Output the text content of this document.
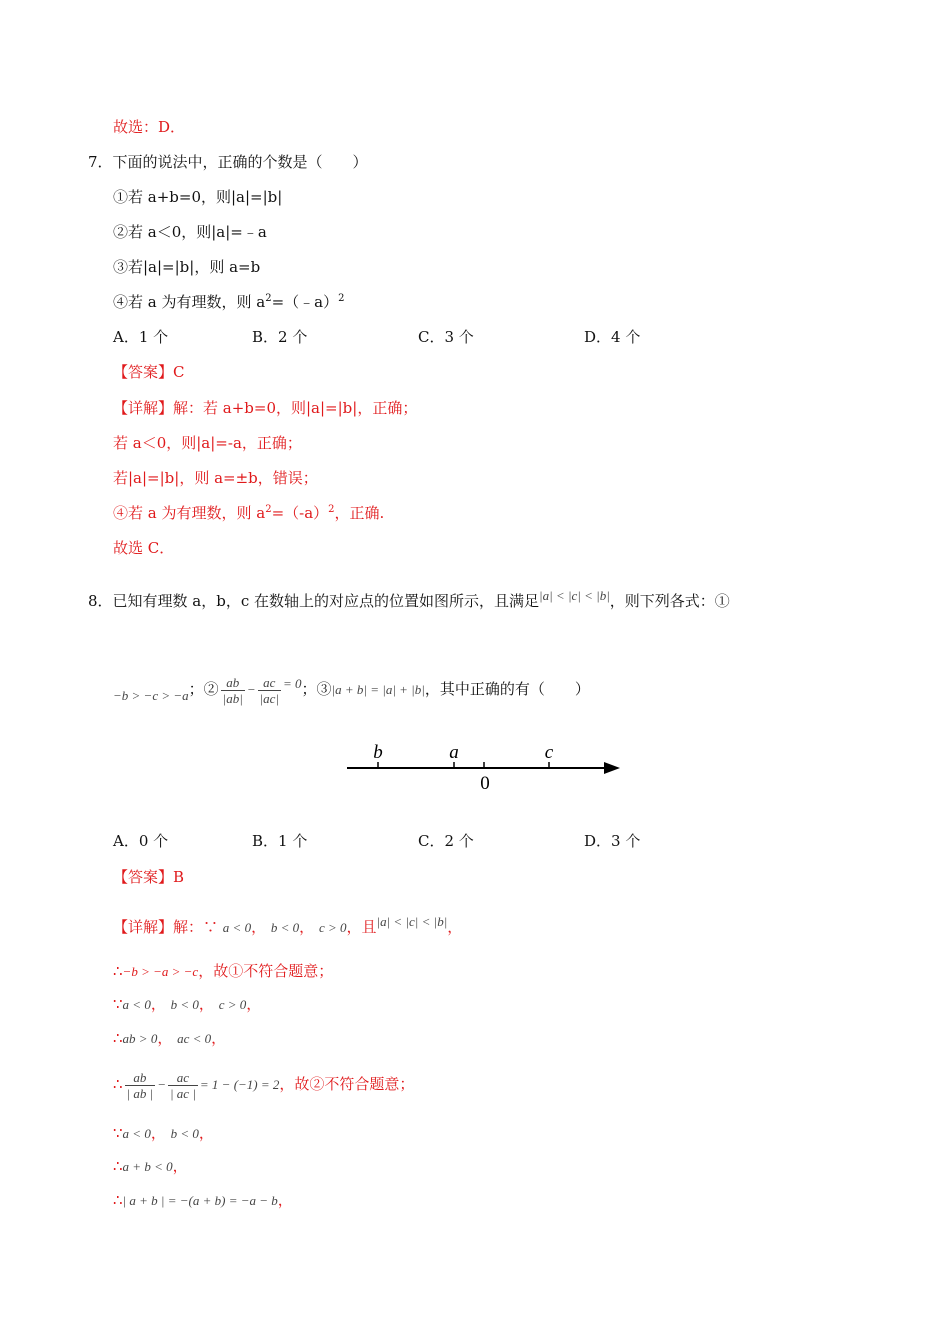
故选：D．
7．下面的说法中，正确的个数是（　　）
①若 a+b=0，则|a|=|b|
②若 a＜0，则|a|=﹣a
③若|a|=|b|，则 a=b
④若 a 为有理数，则 $a^2=(﹣a)^2$
A．1 个	B．2 个	C．3 个	D．4 个
【答案】C
【详解】解：若 a+b=0，则|a|=|b|，正确；
若 a＜0，则|a|=-a，正确；
若|a|=|b|，则 a=±b，错误；
④若 a 为有理数，则 $a^2=(-a)^2$，正确.
故选 C．
8．已知有理数 a，b，c 在数轴上的对应点的位置如图所示，且满足|a| < |c| < |b|，则下列各式：①
−b > −c > −a；② $\frac{ab}{|ab|} - \frac{ac}{|ac|} = 0$；③|a + b| = |a| + |b|，其中正确的有（　　）
b	a
0
c
A．0 个	B．1 个	C．2 个	D．3 个
【答案】B
【详解】解：∵ a < 0， b < 0， c > 0，且|a| < |c| < |b|，
∴−b > −a > −c，故①不符合题意；
∵a < 0， b < 0， c > 0，
∴ab > 0， ac < 0，
∴ $\frac{ab}{| ab |} - \frac{ac}{| ac |} = 1 - (-1) = 2$，故②不符合题意；
∵a < 0， b < 0，
∴a + b < 0，
∴| a + b | = −(a + b) = −a − b，
